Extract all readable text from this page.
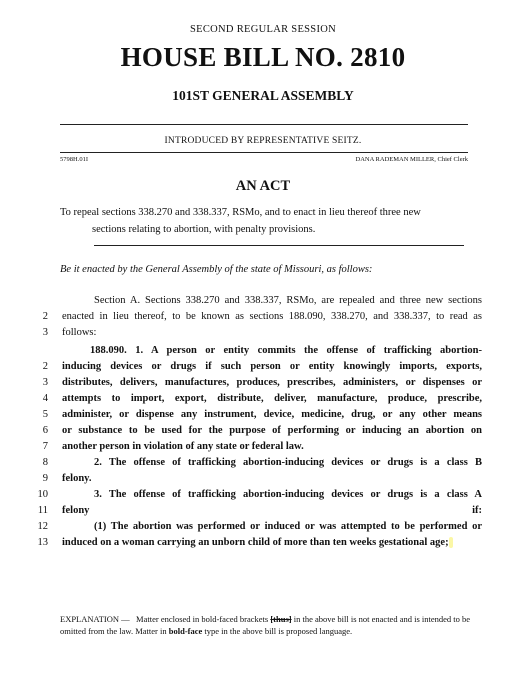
SECOND REGULAR SESSION
HOUSE BILL NO. 2810
101ST GENERAL ASSEMBLY
INTRODUCED BY REPRESENTATIVE SEITZ.
5798H.01I	DANA RADEMAN MILLER, Chief Clerk
AN ACT
To repeal sections 338.270 and 338.337, RSMo, and to enact in lieu thereof three new
sections relating to abortion, with penalty provisions.
Be it enacted by the General Assembly of the state of Missouri, as follows:
Section A. Sections 338.270 and 338.337, RSMo, are repealed and three new sections
2 enacted in lieu thereof, to be known as sections 188.090, 338.270, and 338.337, to read as
3 follows:
188.090. 1. A person or entity commits the offense of trafficking abortion-
2 inducing devices or drugs if such person or entity knowingly imports, exports,
3 distributes, delivers, manufactures, produces, prescribes, administers, or dispenses or
4 attempts to import, export, distribute, deliver, manufacture, produce, prescribe,
5 administer, or dispense any instrument, device, medicine, drug, or any other means
6 or substance to be used for the purpose of performing or inducing an abortion on
7 another person in violation of any state or federal law.
8	2. The offense of trafficking abortion-inducing devices or drugs is a class B
9 felony.
10	3. The offense of trafficking abortion-inducing devices or drugs is a class A
11 felony if:
12	(1) The abortion was performed or induced or was attempted to be performed or
13 induced on a woman carrying an unborn child of more than ten weeks gestational age;
EXPLANATION — Matter enclosed in bold-faced brackets [thus] in the above bill is not enacted and is intended to be omitted from the law. Matter in bold-face type in the above bill is proposed language.
